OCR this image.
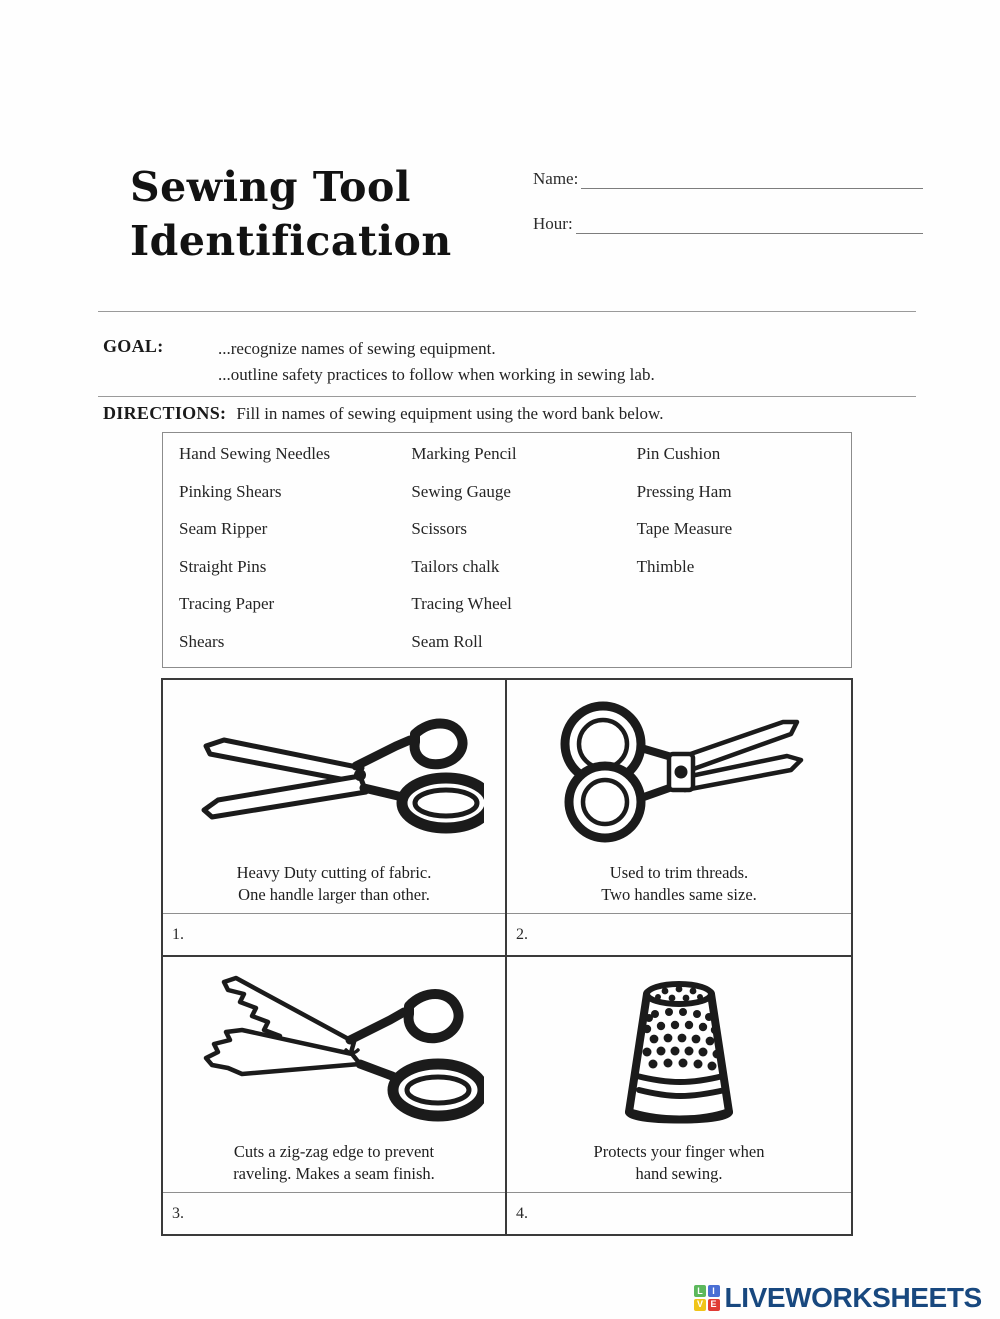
Sewing Tool
Identification
Name:
Hour:
GOAL:	...recognize names of sewing equipment.
...outline safety practices to follow when working in sewing lab.
DIRECTIONS: Fill in names of sewing equipment using the word bank below.
Hand Sewing Needles
Pinking Shears
Seam Ripper
Straight Pins
Tracing Paper
Shears
Marking Pencil
Sewing Gauge
Scissors
Tailors chalk
Tracing Wheel
Seam Roll
Pin Cushion
Pressing Ham
Tape Measure
Thimble
Heavy Duty cutting of fabric.
One handle larger than other.
1.
Used to trim threads.
Two handles same size.
2.
Cuts a zig-zag edge to prevent
raveling. Makes a seam finish.
3.
Protects your finger when
hand sewing.
4.
L	I
V E LIVEWORKSHEETS
